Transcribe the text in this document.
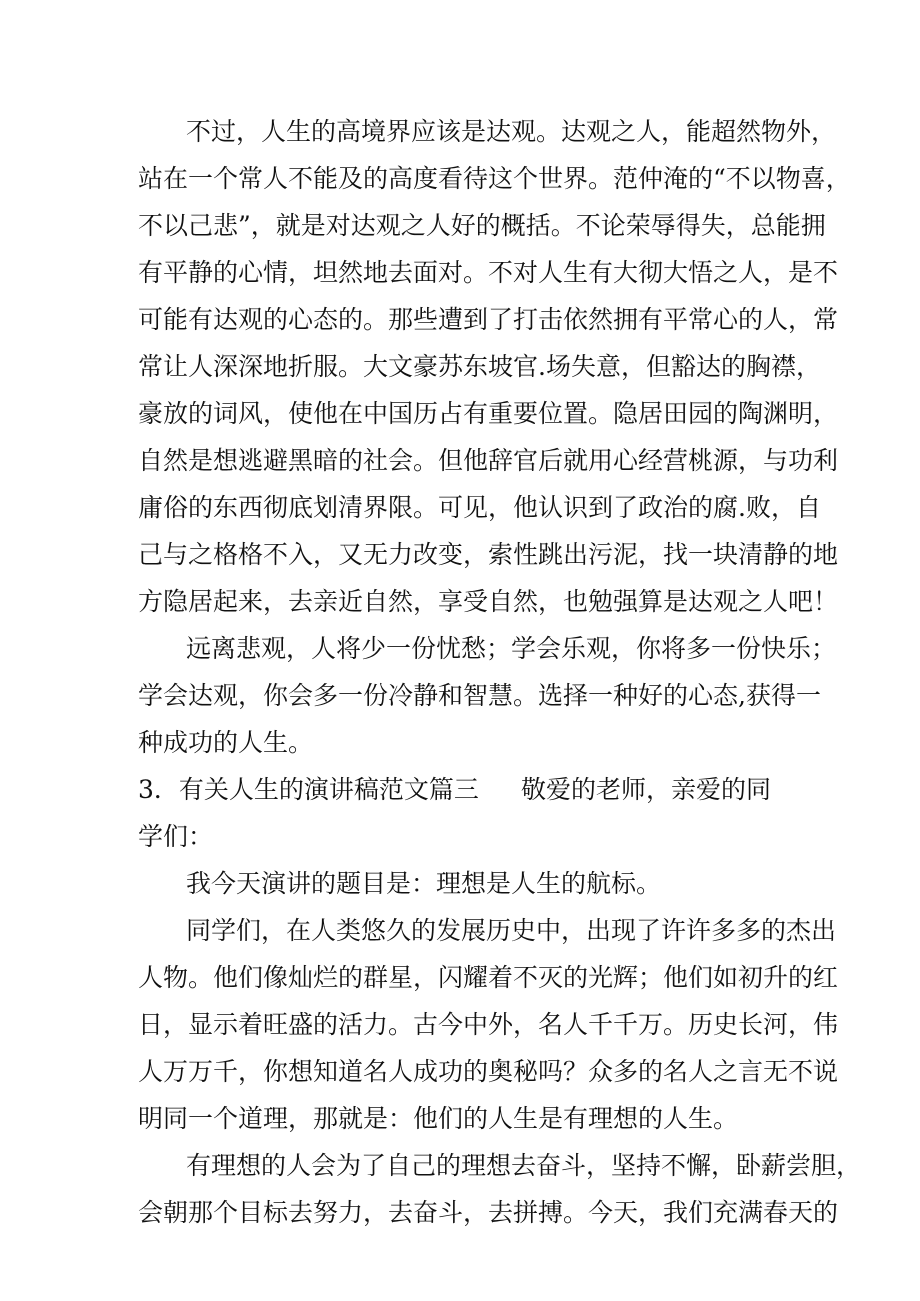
不过，人生的高境界应该是达观。达观之人，能超然物外，
站在一个常人不能及的高度看待这个世界。范仲淹的“不以物喜，
不以己悲”，就是对达观之人好的概括。不论荣辱得失，总能拥
有平静的心情，坦然地去面对。不对人生有大彻大悟之人，是不
可能有达观的心态的。那些遭到了打击依然拥有平常心的人，常
常让人深深地折服。大文豪苏东坡官.场失意，但豁达的胸襟，
豪放的词风，使他在中国历占有重要位置。隐居田园的陶渊明，
自然是想逃避黑暗的社会。但他辞官后就用心经营桃源，与功利
庸俗的东西彻底划清界限。可见，他认识到了政治的腐.败，自
己与之格格不入，又无力改变，索性跳出污泥，找一块清静的地
方隐居起来，去亲近自然，享受自然，也勉强算是达观之人吧！
远离悲观，人将少一份忧愁；学会乐观，你将多一份快乐；
学会达观，你会多一份冷静和智慧。选择一种好的心态,获得一
种成功的人生。
3．有关人生的演讲稿范文篇三 敬爱的老师，亲爱的同
学们：
我今天演讲的题目是：理想是人生的航标。
同学们，在人类悠久的发展历史中，出现了许许多多的杰出
人物。他们像灿烂的群星，闪耀着不灭的光辉；他们如初升的红
日，显示着旺盛的活力。古今中外，名人千千万。历史长河，伟
人万万千，你想知道名人成功的奥秘吗？众多的名人之言无不说
明同一个道理，那就是：他们的人生是有理想的人生。
有理想的人会为了自己的理想去奋斗，坚持不懈，卧薪尝胆，
会朝那个目标去努力，去奋斗，去拼搏。今天，我们充满春天的
